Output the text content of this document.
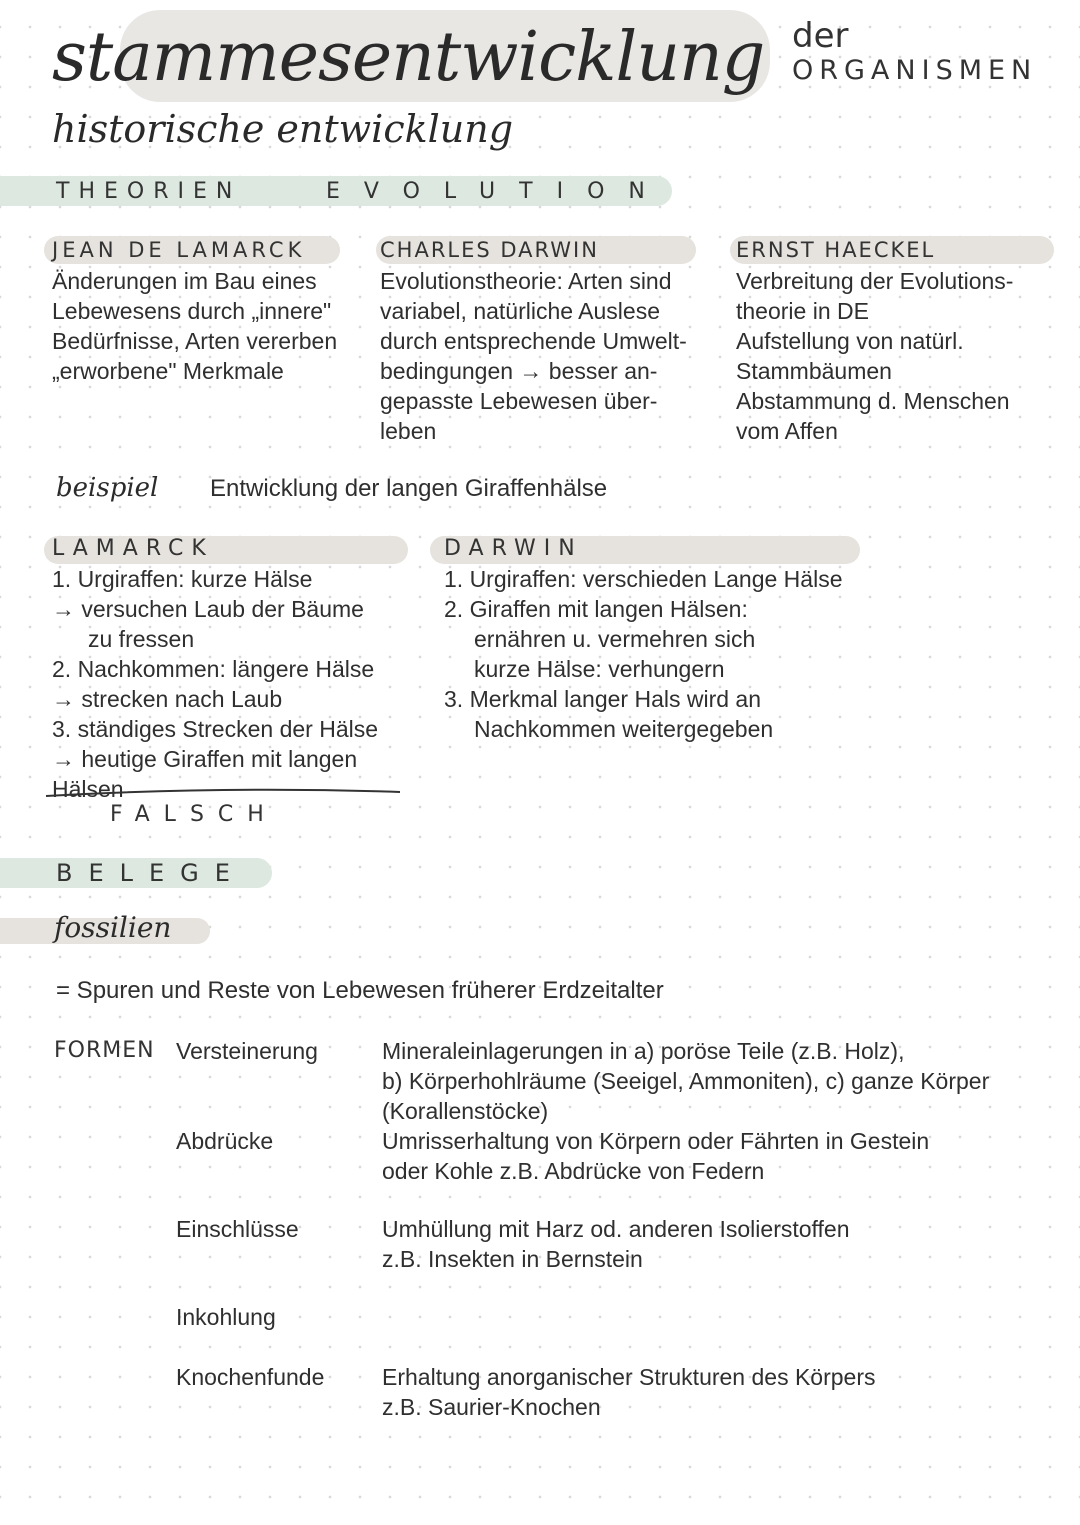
stammesentwicklung der
ORGANISMEN
historische entwicklung
THEORIEN	EVOLUTION
JEAN DE LAMARCK
Änderungen im Bau eines
Lebewesens durch „innere"
Bedürfnisse, Arten vererben
„erworbene" Merkmale
CHARLES DARWIN
Evolutionstheorie: Arten sind
variabel, natürliche Auslese
durch entsprechende Umwelt-
bedingungen → besser an-
gepasste Lebewesen über-
leben
ERNST HAECKEL
Verbreitung der Evolutions-
theorie in DE
Aufstellung von natürl.
Stammbäumen
Abstammung d. Menschen
vom Affen
beispiel Entwicklung der langen Giraffenhälse
LAMARCK
1. Urgiraffen: kurze Hälse
→ versuchen Laub der Bäume
zu fressen
2. Nachkommen: längere Hälse
→ strecken nach Laub
3. ständiges Strecken der Hälse
→ heutige Giraffen mit langen
Hälsen
FALSCH
DARWIN
1. Urgiraffen: verschieden Lange Hälse
2. Giraffen mit langen Hälsen:
ernähren u. vermehren sich
kurze Hälse: verhungern
3. Merkmal langer Hals wird an
Nachkommen weitergegeben
BELEGE
fossilien
= Spuren und Reste von Lebewesen früherer Erdzeitalter
FORMEN Versteinerung	Mineraleinlagerungen in a) poröse Teile (z.B. Holz),
b) Körperhohlräume (Seeigel, Ammoniten), c) ganze Körper
(Korallenstöcke)
Abdrücke	Umrisserhaltung von Körpern oder Fährten in Gestein
oder Kohle z.B. Abdrücke von Federn
Einschlüsse	Umhüllung mit Harz od. anderen Isolierstoffen
z.B. Insekten in Bernstein
Inkohlung
Knochenfunde	Erhaltung anorganischer Strukturen des Körpers
z.B. Saurier-Knochen
